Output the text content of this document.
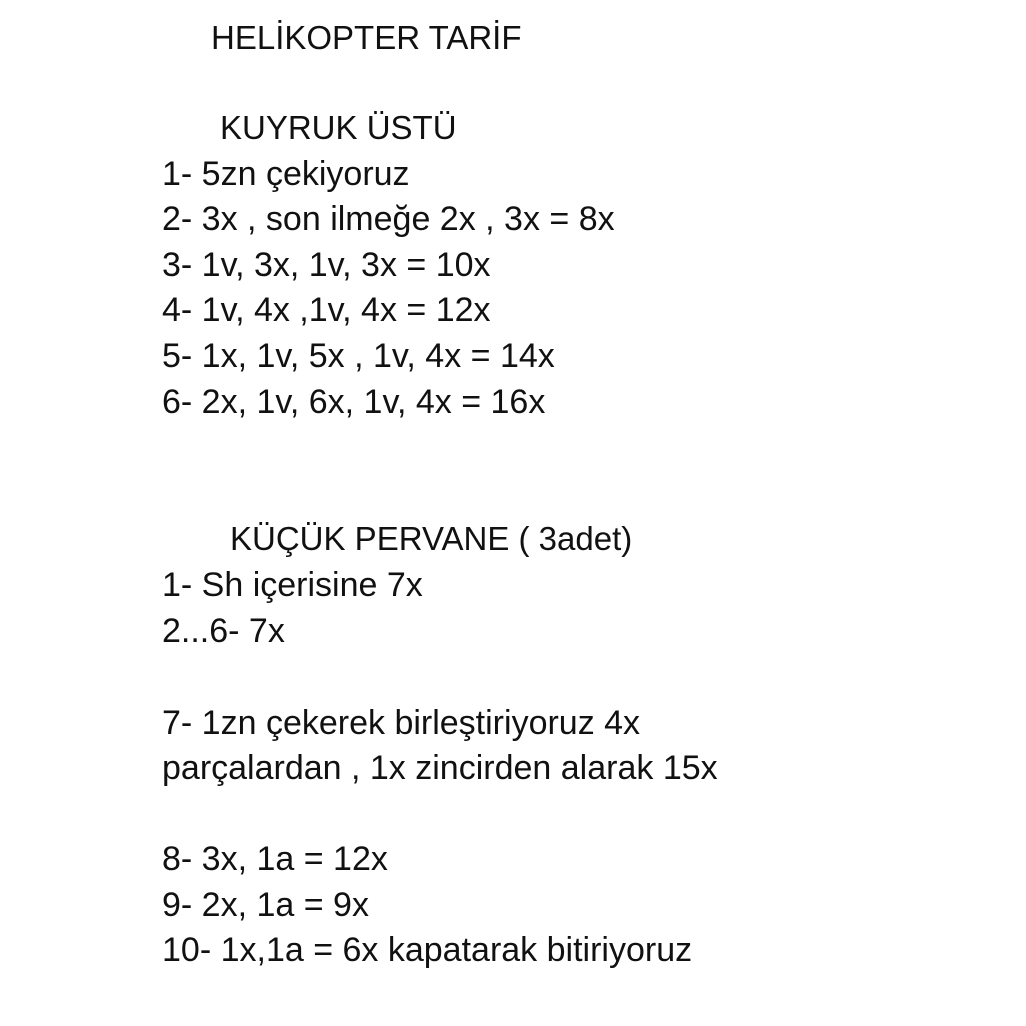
HELİKOPTER TARİF
KUYRUK ÜSTÜ
1- 5zn çekiyoruz
2- 3x , son ilmeğe 2x , 3x = 8x
3- 1v, 3x, 1v, 3x = 10x
4- 1v, 4x ,1v, 4x = 12x
5- 1x, 1v, 5x , 1v, 4x = 14x
6- 2x, 1v, 6x, 1v, 4x = 16x
KÜÇÜK PERVANE ( 3adet)
1- Sh içerisine 7x
2...6- 7x
7- 1zn çekerek birleştiriyoruz 4x
parçalardan , 1x zincirden alarak 15x
8- 3x, 1a = 12x
9- 2x, 1a = 9x
10- 1x,1a = 6x kapatarak bitiriyoruz
